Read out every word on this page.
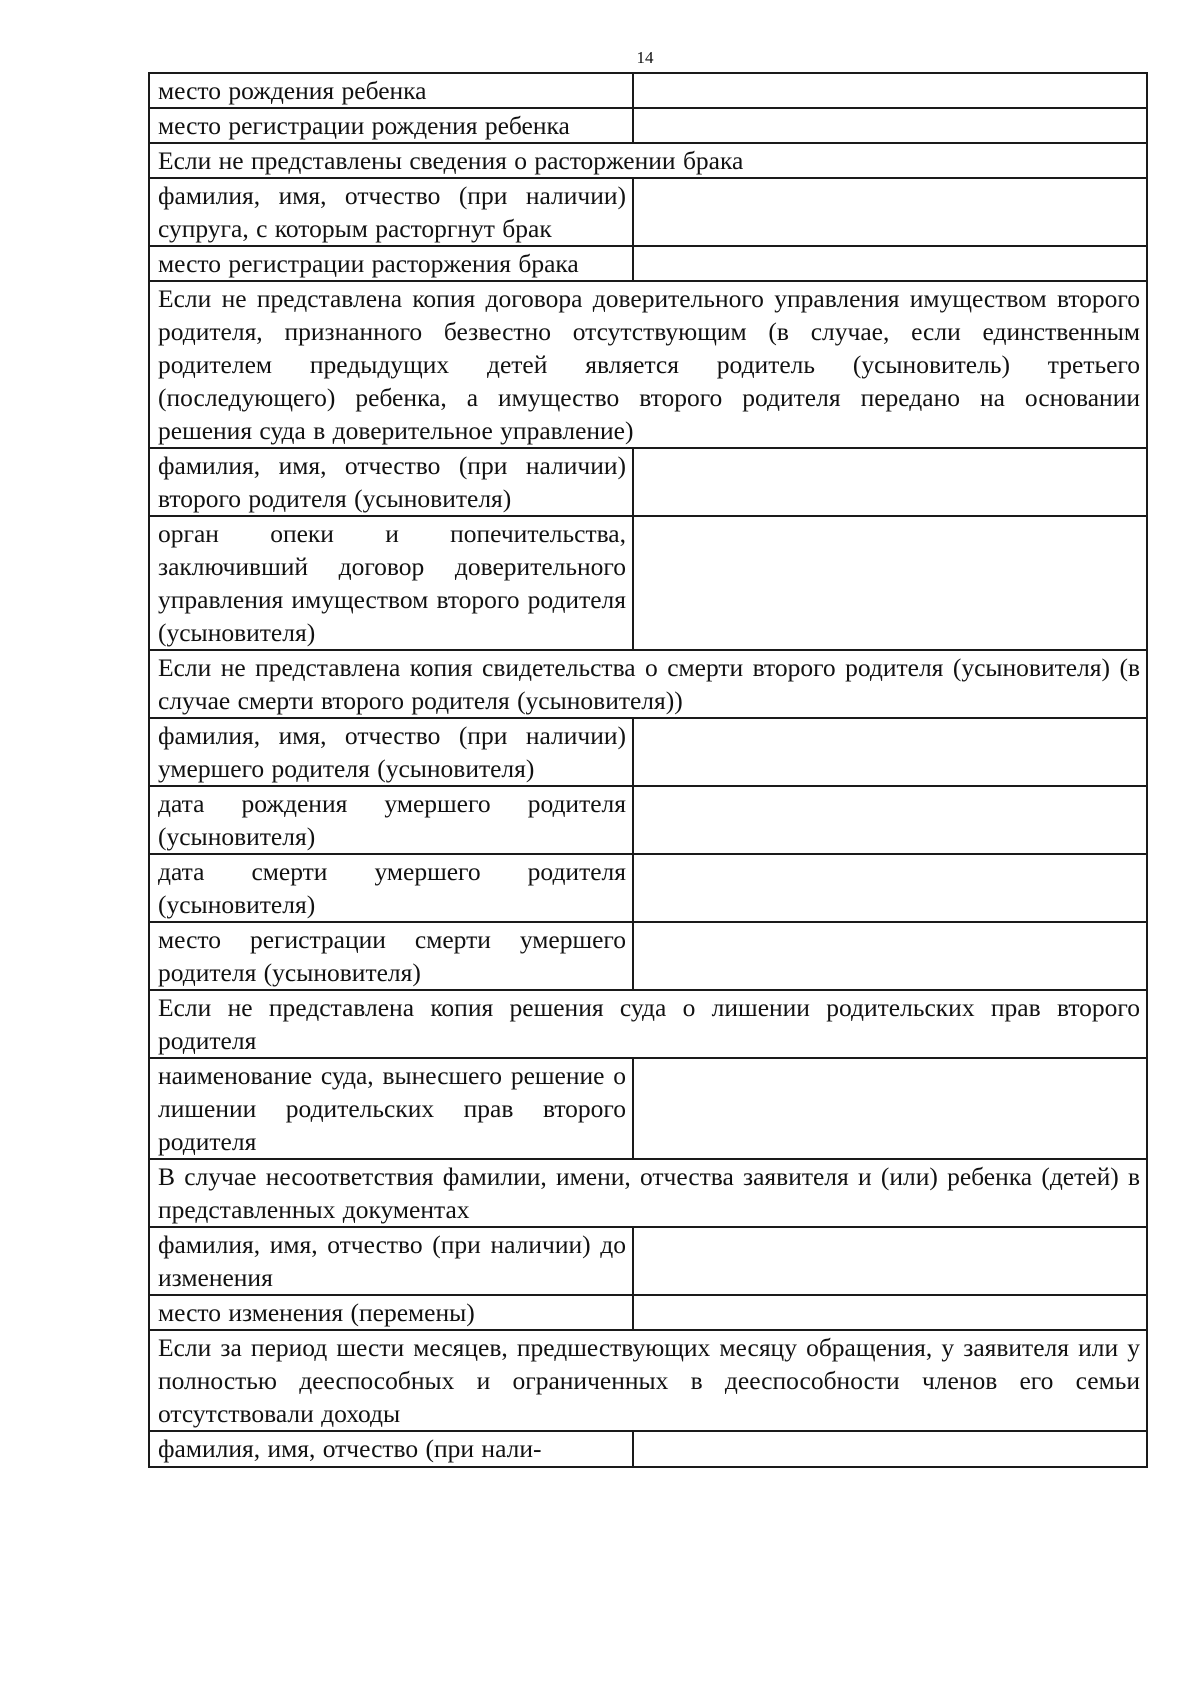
14
место рождения ребенка	
место регистрации рождения ребенка	
Если не представлены сведения о расторжении брака	
фамилия, имя, отчество (при наличии) супруга, с которым расторгнут брак	
место регистрации расторжения брака	
Если не представлена копия договора доверительного управления имуществом второго родителя, признанного безвестно отсутствующим (в случае, если единственным родителем предыдущих детей является родитель (усыновитель) третьего (последующего) ребенка, а имущество второго родителя передано на основании решения суда в доверительное управление)	
фамилия, имя, отчество (при наличии) второго родителя (усыновителя)	
орган опеки и попечительства, заключивший договор доверительного управления имуществом второго родителя (усыновителя)	
Если не представлена копия свидетельства о смерти второго родителя (усыновителя) (в случае смерти второго родителя (усыновителя))	
фамилия, имя, отчество (при наличии) умершего родителя (усыновителя)	
дата рождения умершего родителя (усыновителя)	
дата смерти умершего родителя (усыновителя)	
место регистрации смерти умершего родителя (усыновителя)	
Если не представлена копия решения суда о лишении родительских прав второго родителя	
наименование суда, вынесшего решение о лишении родительских прав второго родителя	
В случае несоответствия фамилии, имени, отчества заявителя и (или) ребенка (детей) в представленных документах	
фамилия, имя, отчество (при наличии) до изменения	
место изменения (перемены)	
Если за период шести месяцев, предшествующих месяцу обращения, у заявителя или у полностью дееспособных и ограниченных в дееспособности членов его семьи отсутствовали доходы	
фамилия, имя, отчество (при нали-	
